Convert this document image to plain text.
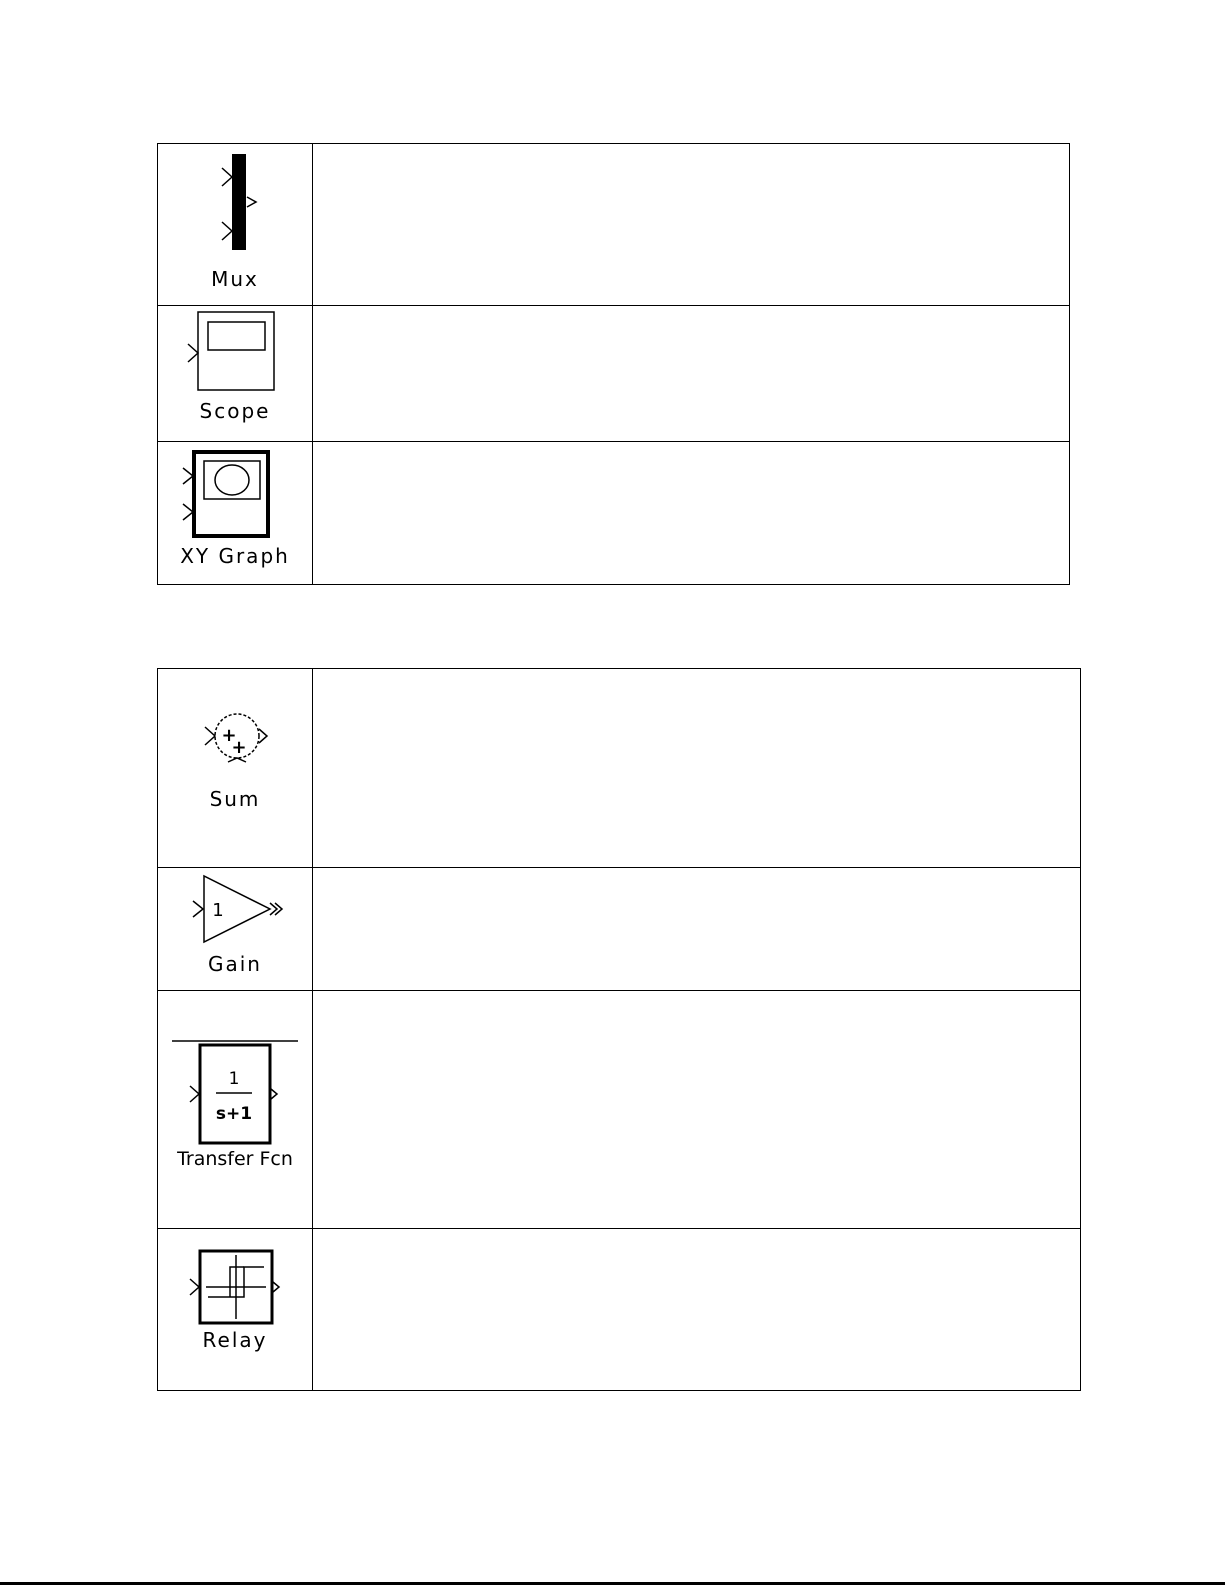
Mux	

Scope	

XY Graph	

+
+
Sum	

1
Gain	

1
s+1
Transfer Fcn	

Relay	
